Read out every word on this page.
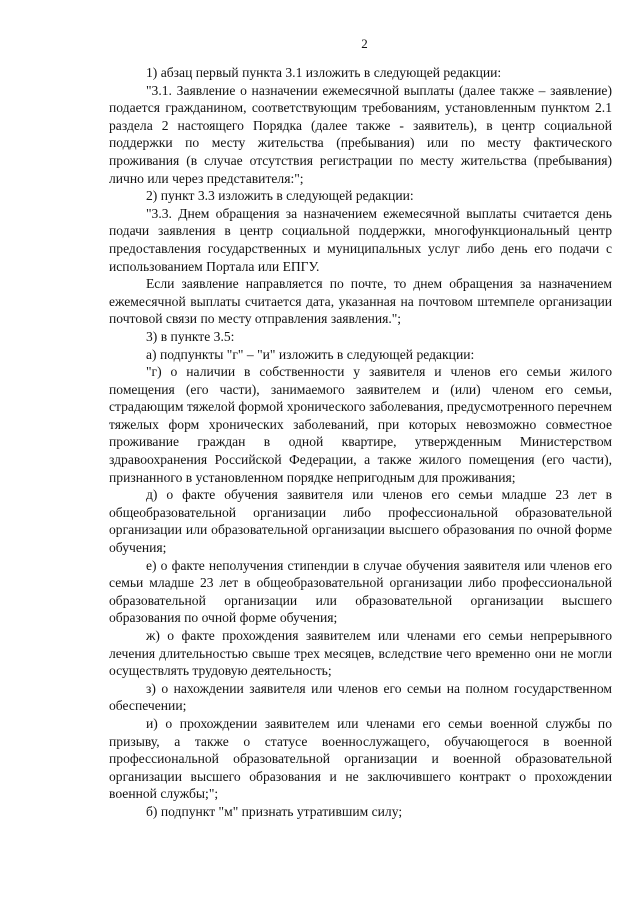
2

1) абзац первый пункта 3.1 изложить в следующей редакции:

"3.1. Заявление о назначении ежемесячной выплаты (далее также – заявление) подается гражданином, соответствующим требованиям, установленным пунктом 2.1 раздела 2 настоящего Порядка (далее также - заявитель), в центр социальной поддержки по месту жительства (пребывания) или по месту фактического проживания (в случае отсутствия регистрации по месту жительства (пребывания) лично или через представителя:";

2) пункт 3.3 изложить в следующей редакции:

"3.3. Днем обращения за назначением ежемесячной выплаты считается день подачи заявления в центр социальной поддержки, многофункциональный центр предоставления государственных и муниципальных услуг либо день его подачи с использованием Портала или ЕПГУ.

Если заявление направляется по почте, то днем обращения за назначением ежемесячной выплаты считается дата, указанная на почтовом штемпеле организации почтовой связи по месту отправления заявления.";

3) в пункте 3.5:

а) подпункты "г" – "и" изложить в следующей редакции:

"г) о наличии в собственности у заявителя и членов его семьи жилого помещения (его части), занимаемого заявителем и (или) членом его семьи, страдающим тяжелой формой хронического заболевания, предусмотренного перечнем тяжелых форм хронических заболеваний, при которых невозможно совместное проживание граждан в одной квартире, утвержденным Министерством здравоохранения Российской Федерации, а также жилого помещения (его части), признанного в установленном порядке непригодным для проживания;

д) о факте обучения заявителя или членов его семьи младше 23 лет в общеобразовательной организации либо профессиональной образовательной организации или образовательной организации высшего образования по очной форме обучения;

е) о факте неполучения стипендии в случае обучения заявителя или членов его семьи младше 23 лет в общеобразовательной организации либо профессиональной образовательной организации или образовательной организации высшего образования по очной форме обучения;

ж) о факте прохождения заявителем или членами его семьи непрерывного лечения длительностью свыше трех месяцев, вследствие чего временно они не могли осуществлять трудовую деятельность;

з) о нахождении заявителя или членов его семьи на полном государственном обеспечении;

и) о прохождении заявителем или членами его семьи военной службы по призыву, а также о статусе военнослужащего, обучающегося в военной профессиональной образовательной организации и военной образовательной организации высшего образования и не заключившего контракт о прохождении военной службы;";

б) подпункт "м" признать утратившим силу;
